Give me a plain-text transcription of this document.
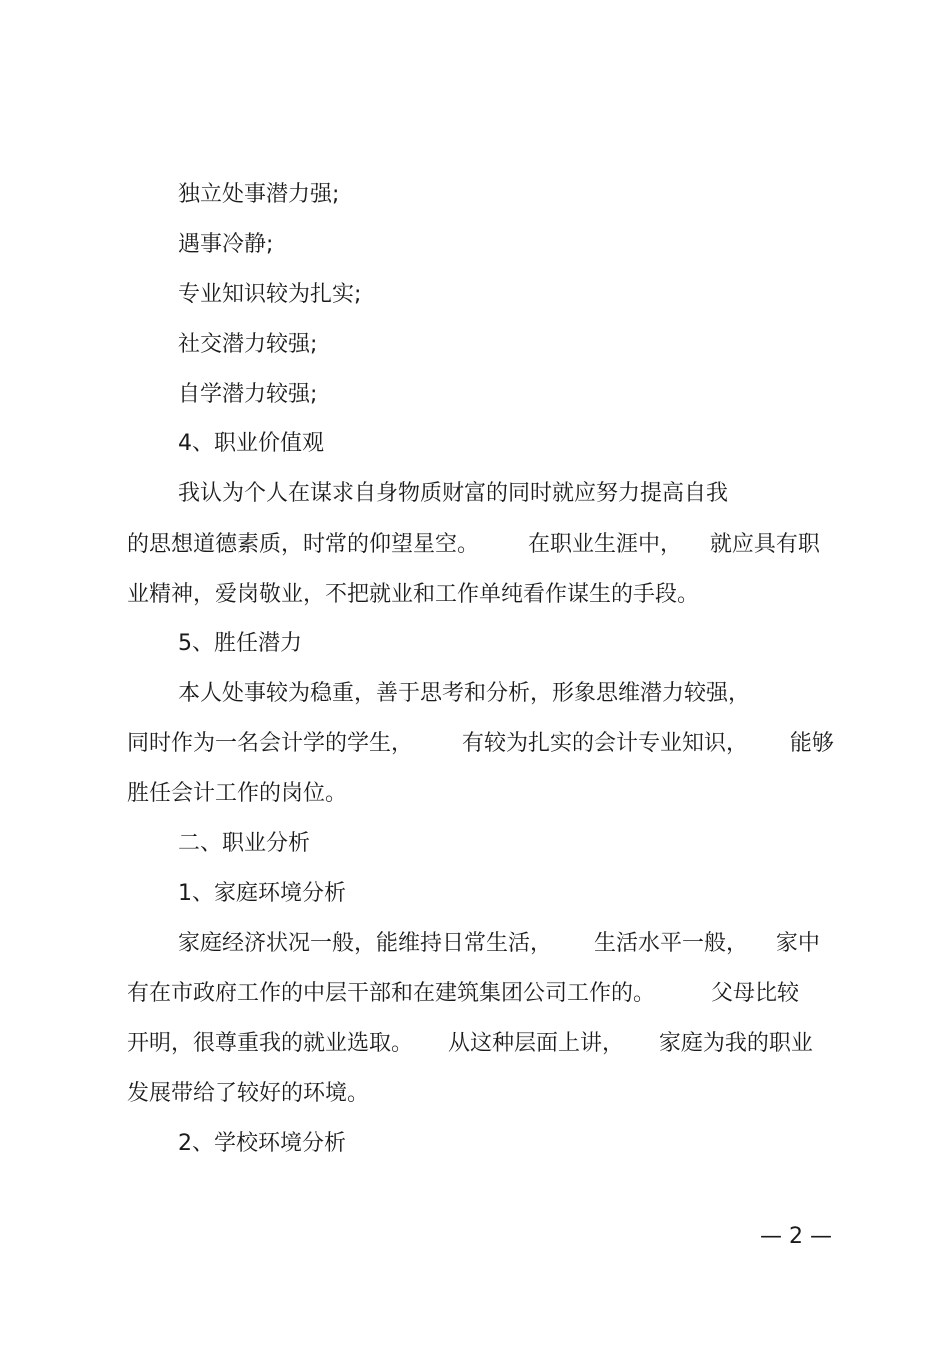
独立处事潜力强;

遇事冷静;

专业知识较为扎实;

社交潜力较强;

自学潜力较强;

4、职业价值观

我认为个人在谋求自身物质财富的同时就应努力提高自我

的思想道德素质，时常的仰望星空。       在职业生涯中，    就应具有职

业精神，爱岗敬业，不把就业和工作单纯看作谋生的手段。

5、胜任潜力

本人处事较为稳重，善于思考和分析，形象思维潜力较强，

同时作为一名会计学的学生，       有较为扎实的会计专业知识，      能够

胜任会计工作的岗位。

二、职业分析

1、家庭环境分析

家庭经济状况一般，能维持日常生活，      生活水平一般，    家中

有在市政府工作的中层干部和在建筑集团公司工作的。        父母比较

开明，很尊重我的就业选取。     从这种层面上讲，     家庭为我的职业

发展带给了较好的环境。

2、学校环境分析

— 2 —
